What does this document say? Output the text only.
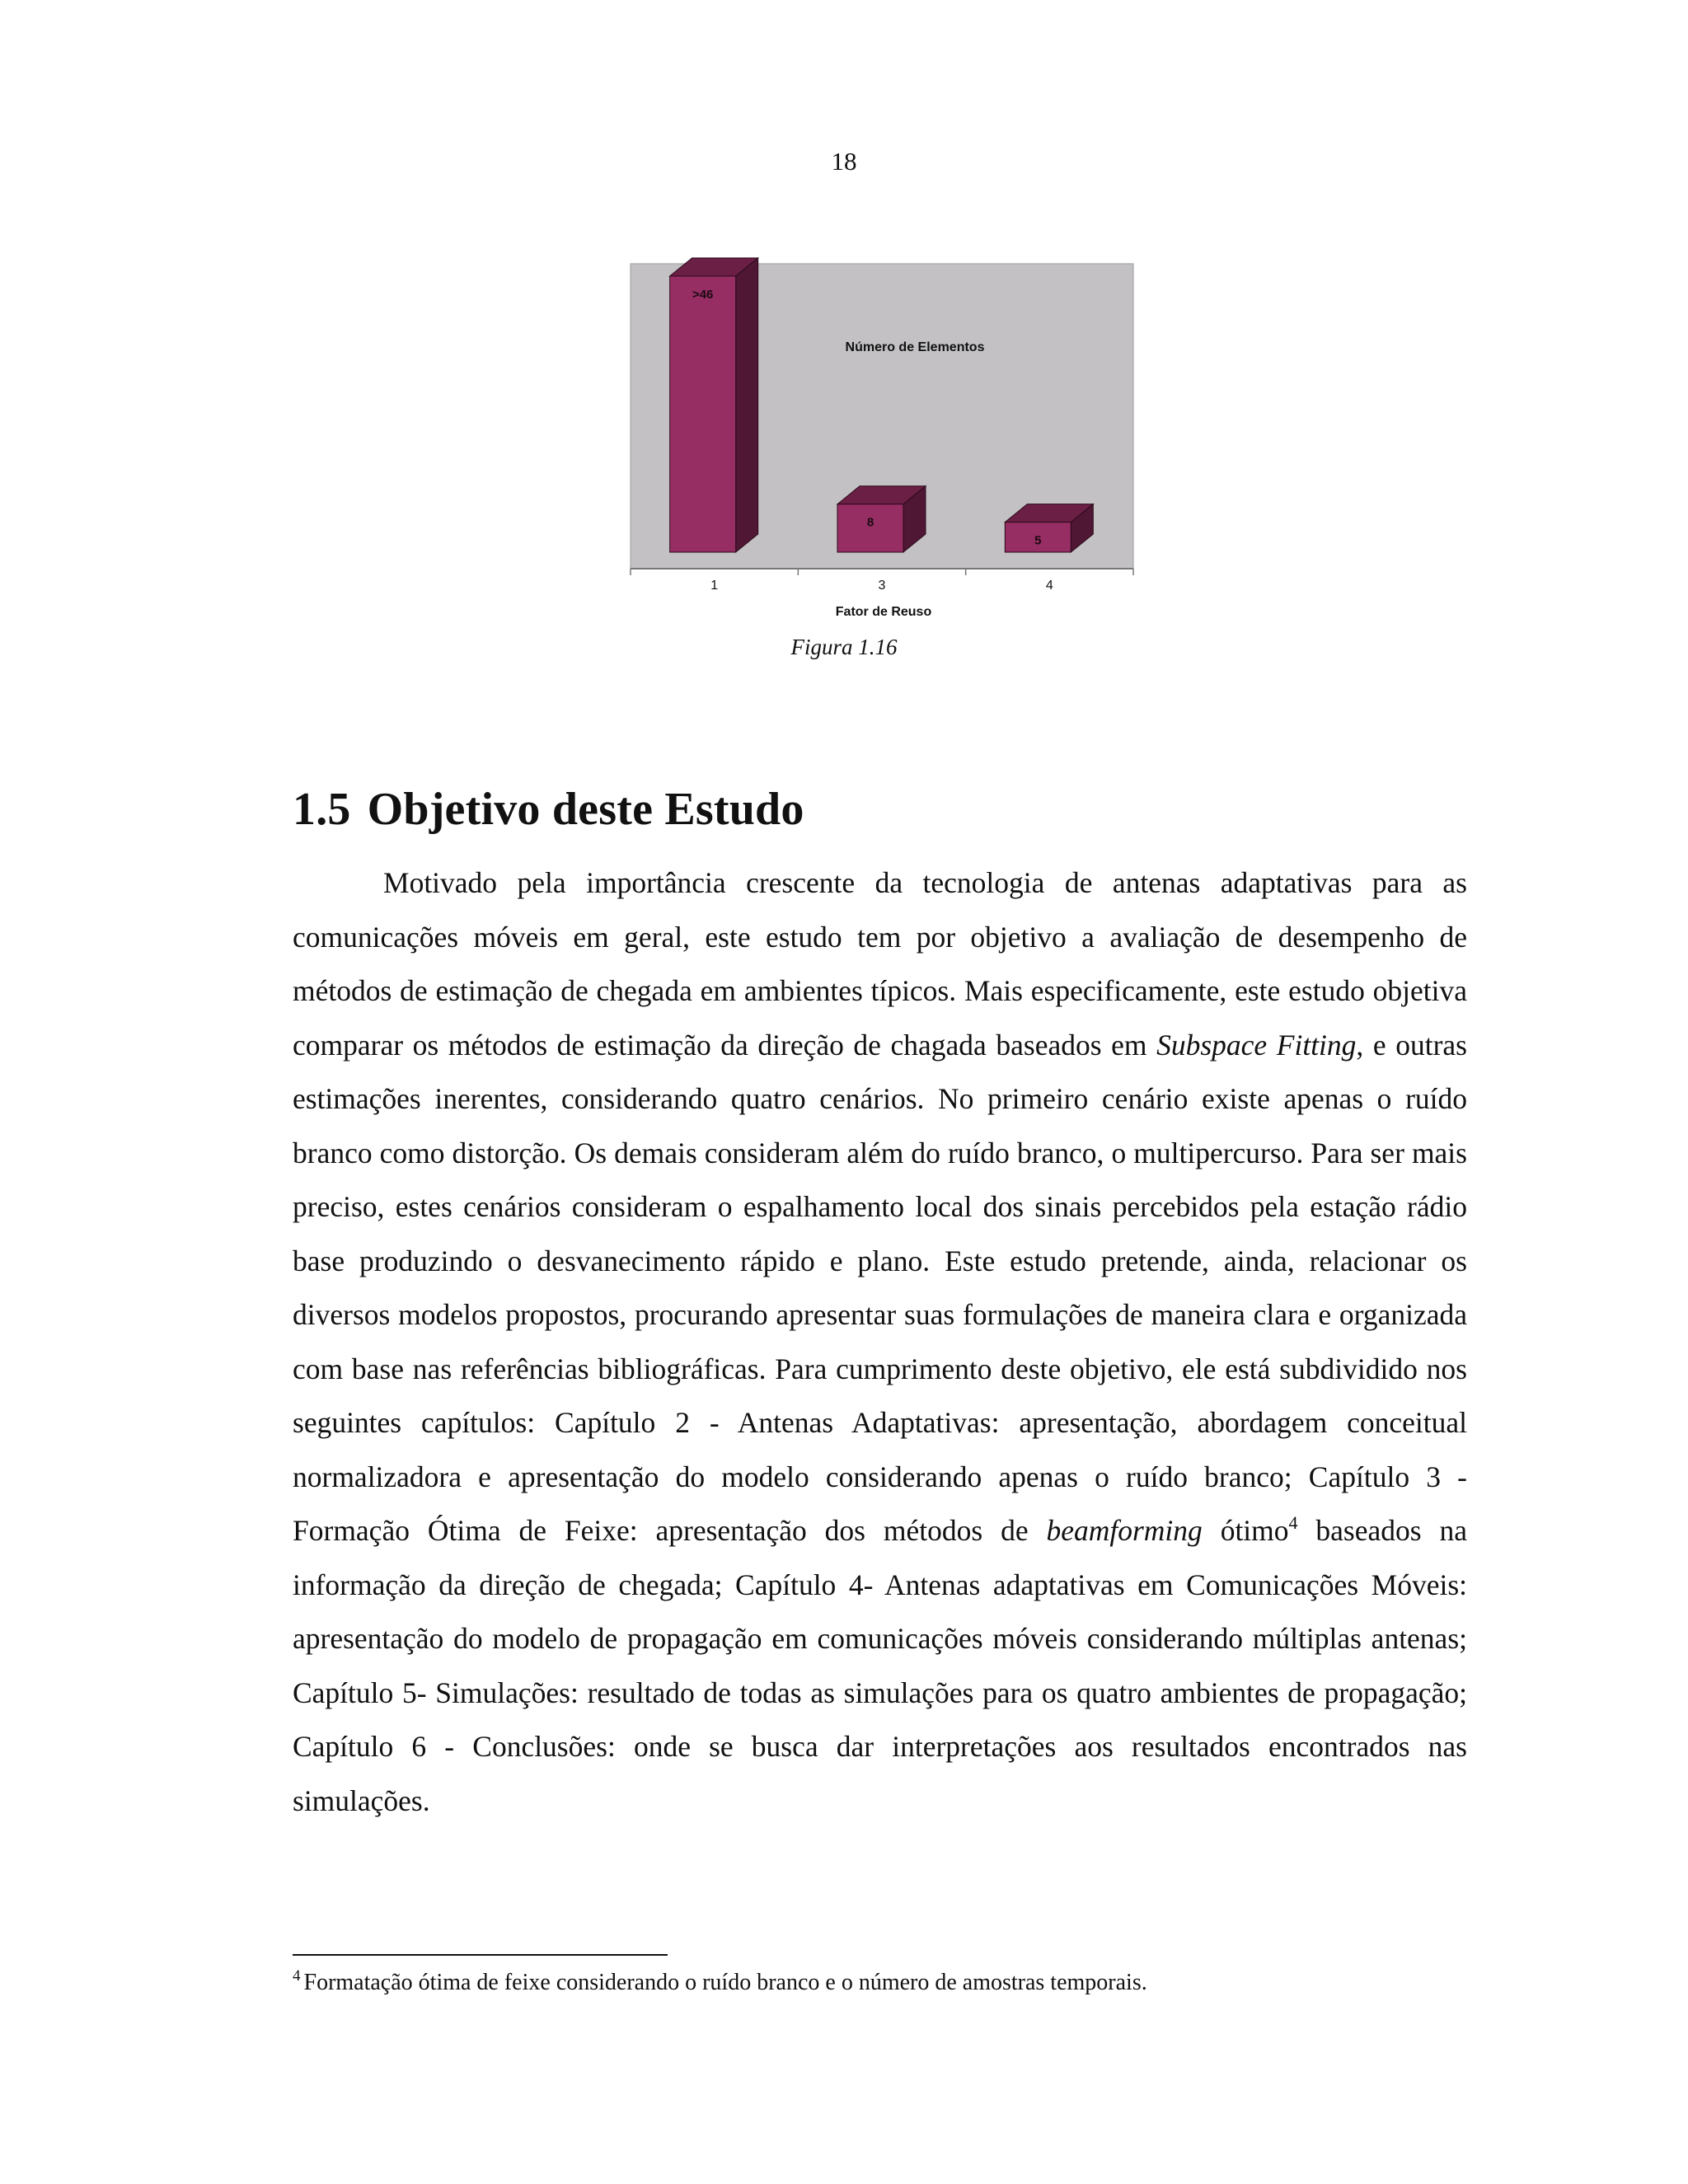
18
>46
8
5
1	3	4
Número de Elementos
Fator de Reuso
Figura 1.16
1.5 Objetivo deste Estudo

Motivado pela importância crescente da tecnologia de antenas adaptativas para as comunicações móveis em geral, este estudo tem por objetivo a avaliação de desempenho de métodos de estimação de chegada em ambientes típicos. Mais especificamente, este estudo objetiva comparar os métodos de estimação da direção de chagada baseados em Subspace Fitting, e outras estimações inerentes, considerando quatro cenários. No primeiro cenário existe apenas o ruído branco como distorção. Os demais consideram além do ruído branco, o multipercurso. Para ser mais preciso, estes cenários consideram o espalhamento local dos sinais percebidos pela estação rádio base produzindo o desvanecimento rápido e plano. Este estudo pretende, ainda, relacionar os diversos modelos propostos, procurando apresentar suas formulações de maneira clara e organizada com base nas referências bibliográficas. Para cumprimento deste objetivo, ele está subdividido nos seguintes capítulos: Capítulo 2 - Antenas Adaptativas: apresentação, abordagem conceitual normalizadora e apresentação do modelo considerando apenas o ruído branco; Capítulo 3 - Formação Ótima de Feixe: apresentação dos métodos de beamforming ótimo$^4$ baseados na informação da direção de chegada; Capítulo 4- Antenas adaptativas em Comunicações Móveis: apresentação do modelo de propagação em comunicações móveis considerando múltiplas antenas; Capítulo 5- Simulações: resultado de todas as simulações para os quatro ambientes de propagação; Capítulo 6 - Conclusões: onde se busca dar interpretações aos resultados encontrados nas simulações.

$^4$ Formatação ótima de feixe considerando o ruído branco e o número de amostras temporais.
